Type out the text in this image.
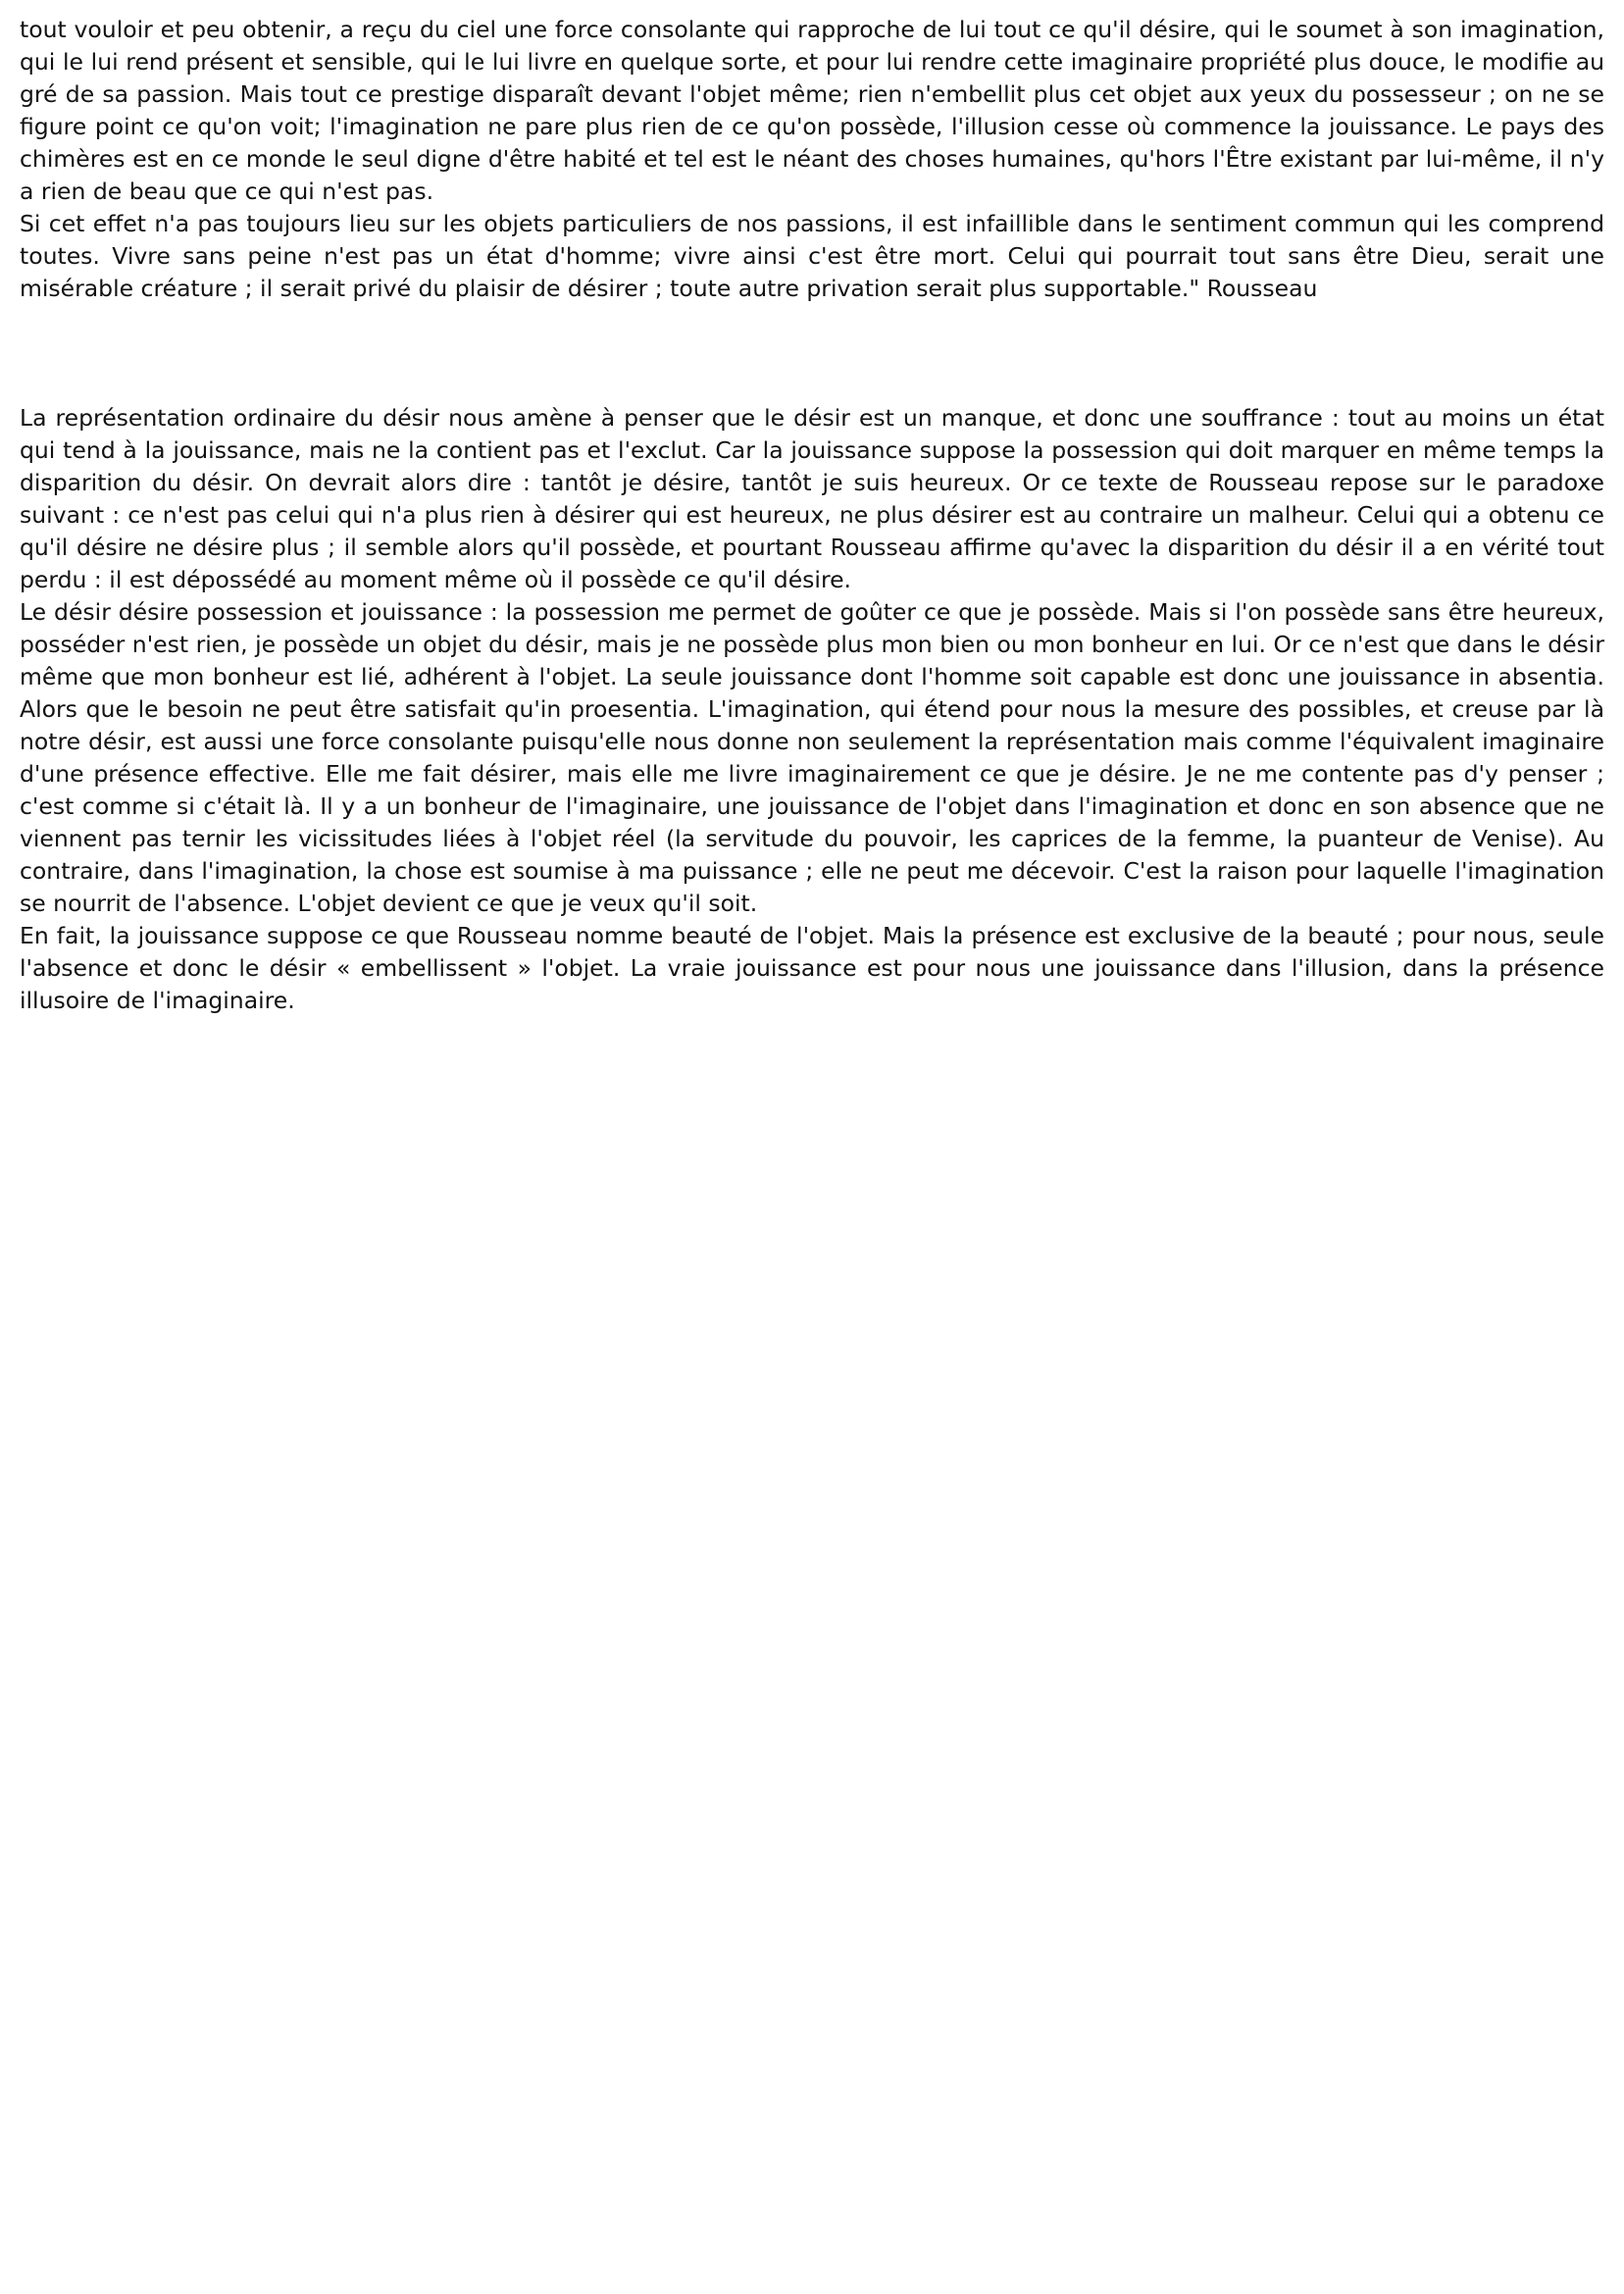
tout vouloir et peu obtenir, a reçu du ciel une force consolante qui rapproche de lui tout ce qu'il désire, qui le soumet à son imagination, qui le lui rend présent et sensible, qui le lui livre en quelque sorte, et pour lui rendre cette imaginaire propriété plus douce, le modifie au gré de sa passion. Mais tout ce prestige disparaît devant l'objet même; rien n'embellit plus cet objet aux yeux du possesseur ; on ne se figure point ce qu'on voit; l'imagination ne pare plus rien de ce qu'on possède, l'illusion cesse où commence la jouissance. Le pays des chimères est en ce monde le seul digne d'être habité et tel est le néant des choses humaines, qu'hors l'Être existant par lui-même, il n'y a rien de beau que ce qui n'est pas.

Si cet effet n'a pas toujours lieu sur les objets particuliers de nos passions, il est infaillible dans le sentiment commun qui les comprend toutes. Vivre sans peine n'est pas un état d'homme; vivre ainsi c'est être mort. Celui qui pourrait tout sans être Dieu, serait une misérable créature ; il serait privé du plaisir de désirer ; toute autre privation serait plus supportable." Rousseau

La représentation ordinaire du désir nous amène à penser que le désir est un manque, et donc une souffrance : tout au moins un état qui tend à la jouissance, mais ne la contient pas et l'exclut. Car la jouissance suppose la possession qui doit marquer en même temps la disparition du désir. On devrait alors dire : tantôt je désire, tantôt je suis heureux. Or ce texte de Rousseau repose sur le paradoxe suivant : ce n'est pas celui qui n'a plus rien à désirer qui est heureux, ne plus désirer est au contraire un malheur. Celui qui a obtenu ce qu'il désire ne désire plus ; il semble alors qu'il possède, et pourtant Rousseau affirme qu'avec la disparition du désir il a en vérité tout perdu : il est dépossédé au moment même où il possède ce qu'il désire.

Le désir désire possession et jouissance : la possession me permet de goûter ce que je possède. Mais si l'on possède sans être heureux, posséder n'est rien, je possède un objet du désir, mais je ne possède plus mon bien ou mon bonheur en lui. Or ce n'est que dans le désir même que mon bonheur est lié, adhérent à l'objet. La seule jouissance dont l'homme soit capable est donc une jouissance in absentia. Alors que le besoin ne peut être satisfait qu'in proesentia. L'imagination, qui étend pour nous la mesure des possibles, et creuse par là notre désir, est aussi une force consolante puisqu'elle nous donne non seulement la représentation mais comme l'équivalent imaginaire d'une présence effective. Elle me fait désirer, mais elle me livre imaginairement ce que je désire. Je ne me contente pas d'y penser ; c'est comme si c'était là. Il y a un bonheur de l'imaginaire, une jouissance de l'objet dans l'imagination et donc en son absence que ne viennent pas ternir les vicissitudes liées à l'objet réel (la servitude du pouvoir, les caprices de la femme, la puanteur de Venise). Au contraire, dans l'imagination, la chose est soumise à ma puissance ; elle ne peut me décevoir. C'est la raison pour laquelle l'imagination se nourrit de l'absence. L'objet devient ce que je veux qu'il soit.

En fait, la jouissance suppose ce que Rousseau nomme beauté de l'objet. Mais la présence est exclusive de la beauté ; pour nous, seule l'absence et donc le désir « embellissent » l'objet. La vraie jouissance est pour nous une jouissance dans l'illusion, dans la présence illusoire de l'imaginaire.
